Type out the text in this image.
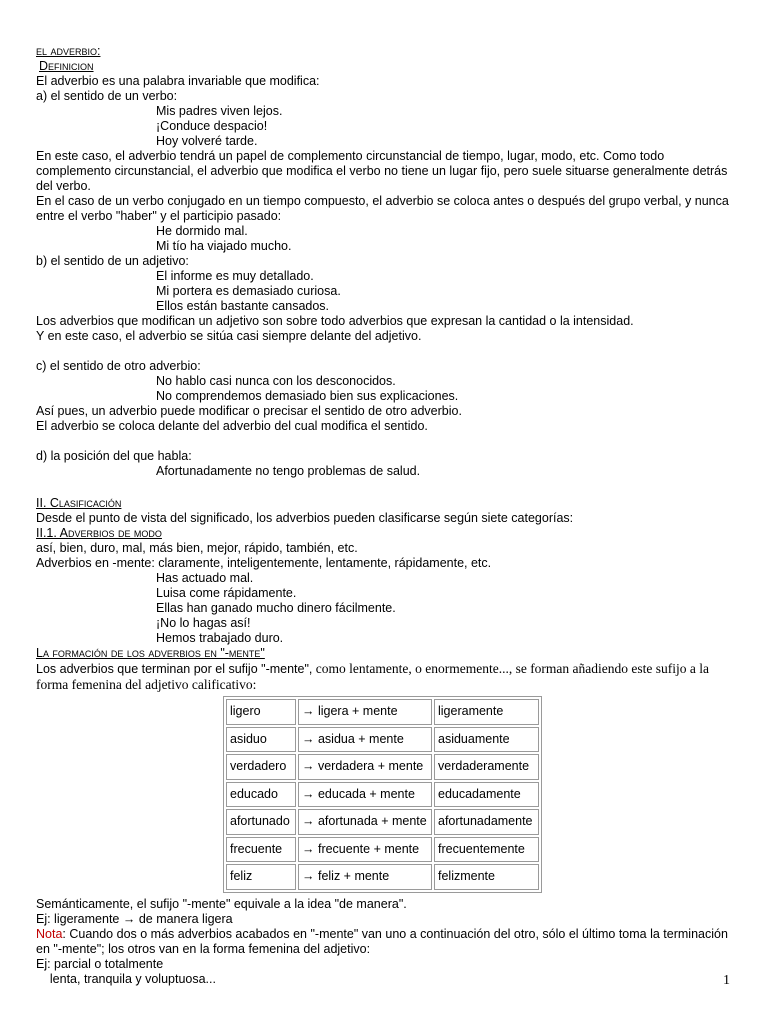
el adverbio:

Definicion

El adverbio es una palabra invariable que modifica:

a) el sentido de un verbo:

Mis padres viven lejos.

¡Conduce despacio!

Hoy volveré tarde.

En este caso, el adverbio tendrá un papel de complemento circunstancial de tiempo, lugar, modo, etc. Como todo complemento circunstancial, el adverbio que modifica el verbo no tiene un lugar fijo, pero suele situarse generalmente detrás del verbo.

En el caso de un verbo conjugado en un tiempo compuesto, el adverbio se coloca antes o después del grupo verbal, y nunca entre el verbo "haber" y el participio pasado:

He dormido mal.

Mi tío ha viajado mucho.

b) el sentido de un adjetivo:

El informe es muy detallado.

Mi portera es demasiado curiosa.

Ellos están bastante cansados.

Los adverbios que modifican un adjetivo son sobre todo adverbios que expresan la cantidad o la intensidad.

Y en este caso, el adverbio se sitúa casi siempre delante del adjetivo.

c) el sentido de otro adverbio:

No hablo casi nunca con los desconocidos.

No comprendemos demasiado bien sus explicaciones.

Así pues, un adverbio puede modificar o precisar el sentido de otro adverbio.

El adverbio se coloca delante del adverbio del cual modifica el sentido.

d) la posición del que habla:

Afortunadamente no tengo problemas de salud.

II. Clasificación

Desde el punto de vista del significado, los adverbios pueden clasificarse según siete categorías:

II.1. Adverbios de modo

así, bien, duro, mal, más bien, mejor, rápido, también, etc.

Adverbios en -mente: claramente, inteligentemente, lentamente, rápidamente, etc.

Has actuado mal.

Luisa come rápidamente.

Ellas han ganado mucho dinero fácilmente.

¡No lo hagas así!

Hemos trabajado duro.

La formación de los adverbios en "-mente"

Los adverbios que terminan por el sufijo "-mente", como lentamente, o enormemente..., se forman añadiendo este sufijo a la forma femenina del adjetivo calificativo:

ligero	→ ligera + mente	ligeramente
asiduo	→ asidua + mente	asiduamente
verdadero	→ verdadera + mente	verdaderamente
educado	→ educada + mente	educadamente
afortunado	→ afortunada + mente	afortunadamente
frecuente	→ frecuente + mente	frecuentemente
feliz	→ feliz + mente	felizmente

Semánticamente, el sufijo "-mente" equivale a la idea "de manera".

Ej: ligeramente → de manera ligera

Nota: Cuando dos o más adverbios acabados en "-mente" van uno a continuación del otro, sólo el último toma la terminación en "-mente"; los otros van en la forma femenina del adjetivo:

Ej: parcial o totalmente

lenta, tranquila y voluptuosa...	1
